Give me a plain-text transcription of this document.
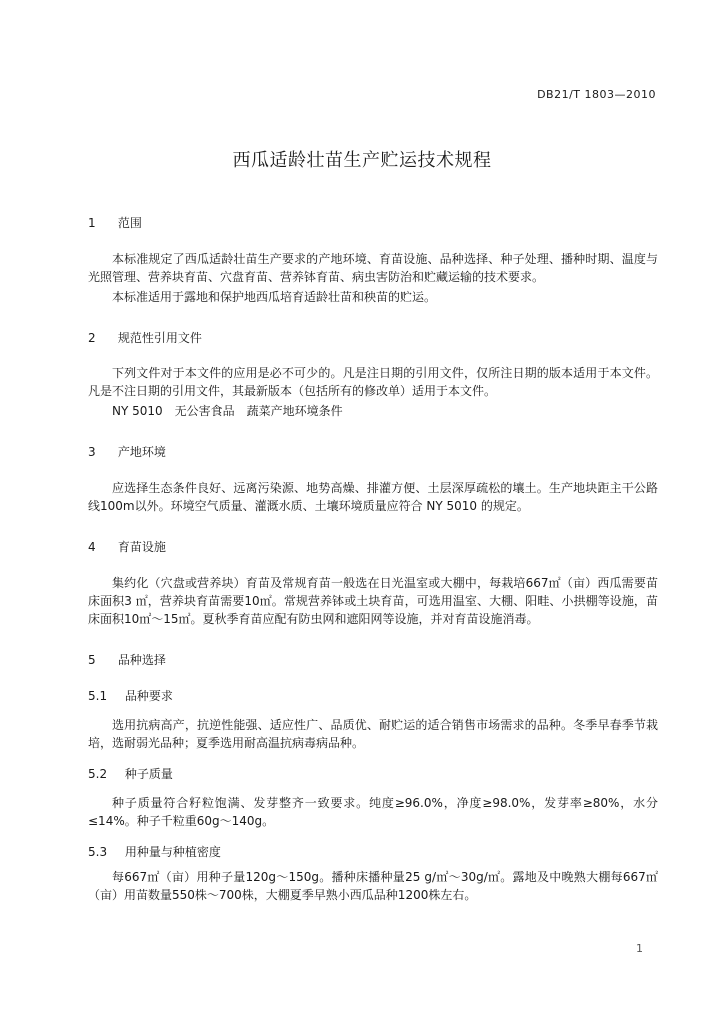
DB21/T 1803—2010
西瓜适龄壮苗生产贮运技术规程
1 范围
本标准规定了西瓜适龄壮苗生产要求的产地环境、育苗设施、品种选择、种子处理、播种时期、温度与光照管理、营养块育苗、穴盘育苗、营养钵育苗、病虫害防治和贮藏运输的技术要求。
本标准适用于露地和保护地西瓜培育适龄壮苗和秧苗的贮运。
2 规范性引用文件
下列文件对于本文件的应用是必不可少的。凡是注日期的引用文件，仅所注日期的版本适用于本文件。凡是不注日期的引用文件，其最新版本（包括所有的修改单）适用于本文件。
NY 5010　无公害食品　蔬菜产地环境条件
3 产地环境
应选择生态条件良好、远离污染源、地势高燥、排灌方便、土层深厚疏松的壤土。生产地块距主干公路线100m以外。环境空气质量、灌溉水质、土壤环境质量应符合 NY 5010 的规定。
4 育苗设施
集约化（穴盘或营养块）育苗及常规育苗一般选在日光温室或大棚中，每栽培667㎡（亩）西瓜需要苗床面积3 ㎡，营养块育苗需要10㎡。常规营养钵或土块育苗，可选用温室、大棚、阳畦、小拱棚等设施，苗床面积10㎡～15㎡。夏秋季育苗应配有防虫网和遮阳网等设施，并对育苗设施消毒。
5 品种选择
5.1 品种要求
选用抗病高产，抗逆性能强、适应性广、品质优、耐贮运的适合销售市场需求的品种。冬季早春季节栽培，选耐弱光品种；夏季选用耐高温抗病毒病品种。
5.2 种子质量
种子质量符合籽粒饱满、发芽整齐一致要求。纯度≥96.0%，净度≥98.0%，发芽率≥80%，水分≤14%。种子千粒重60g～140g。
5.3 用种量与种植密度
每667㎡（亩）用种子量120g～150g。播种床播种量25 g/㎡～30g/㎡。露地及中晚熟大棚每667㎡（亩）用苗数量550株～700株，大棚夏季早熟小西瓜品种1200株左右。
1
